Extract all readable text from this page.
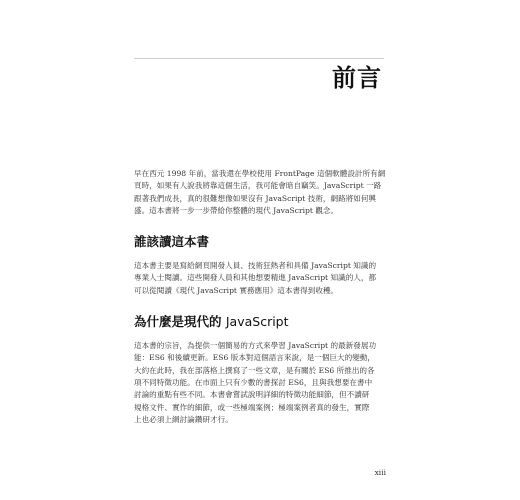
前言

早在西元 1998 年前，當我還在學校使用 FrontPage 這個軟體設計所有網
頁時，如果有人說我將靠這個生活，我可能會暗自竊笑。JavaScript 一路
跟著我們成長，真的很難想像如果沒有 JavaScript 技術，網路將如何興
盛。這本書將一步一步帶給你整體的現代 JavaScript 觀念。

誰該讀這本書

這本書主要是寫給網頁開發人員、技術狂熱者和具備 JavaScript 知識的
專業人士閱讀。這些開發人員和其他想要精進 JavaScript 知識的人，都
可以從閱讀《現代 JavaScript 實務應用》這本書得到收穫。

為什麼是現代的 JavaScript

這本書的宗旨，為提供一個簡易的方式來學習 JavaScript 的最新發展功
能：ES6 和後續更新。ES6 版本對這個語言來說，是一個巨大的變動，
大約在此時，我在部落格上撰寫了一些文章，是有關於 ES6 所推出的各
項不同特徵功能。在市面上只有少數的書探討 ES6，且與我想要在書中
討論的重點有些不同。本書會嘗試說明詳細的特徵功能細節，但不讀研
規格文件、實作的細節，或一些極端案例；極端案例者真的發生，實際
上也必須上網討論鑽研才行。

xiii
